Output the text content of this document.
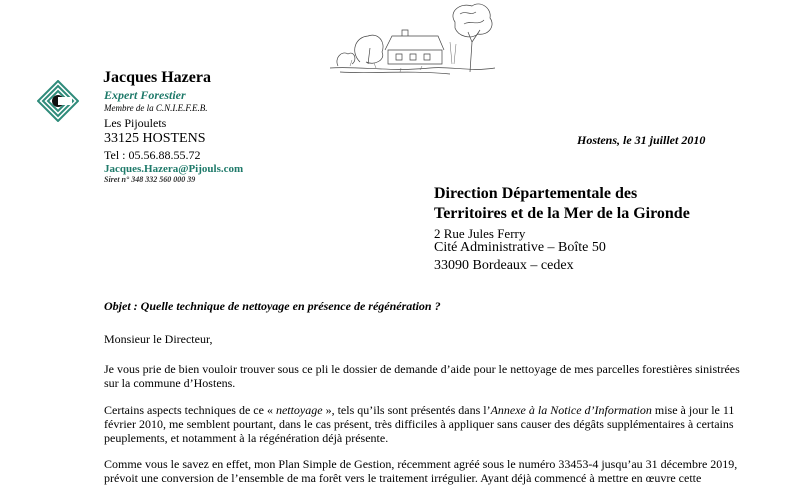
Jacques Hazera
Expert Forestier
Membre de la C.N.I.E.F.E.B.
Les Pijoulets
33125 HOSTENS
Tel : 05.56.88.55.72
Jacques.Hazera@Pijouls.com
Siret n° 348 332 560 000 39
Hostens, le 31 juillet 2010
Direction Départementale des
Territoires et de la Mer de la Gironde
2 Rue Jules Ferry
Cité Administrative – Boîte 50
33090 Bordeaux – cedex
Objet : Quelle technique de nettoyage en présence de régénération ?
Monsieur le Directeur,
Je vous prie de bien vouloir trouver sous ce pli le dossier de demande d’aide pour le nettoyage de mes parcelles forestières sinistrées
sur la commune d’Hostens.
Certains aspects techniques de ce « nettoyage », tels qu’ils sont présentés dans l’Annexe à la Notice d’Information mise à jour le 11
février 2010, me semblent pourtant, dans le cas présent, très difficiles à appliquer sans causer des dégâts supplémentaires à certains
peuplements, et notamment à la régénération déjà présente.
Comme vous le savez en effet, mon Plan Simple de Gestion, récemment agréé sous le numéro 33453-4 jusqu’au 31 décembre 2019,
prévoit une conversion de l’ensemble de ma forêt vers le traitement irrégulier. Ayant déjà commencé à mettre en œuvre cette
